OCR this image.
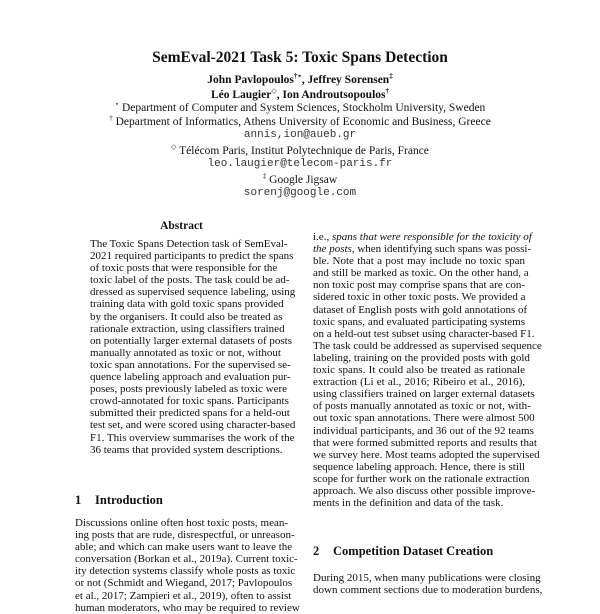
SemEval-2021 Task 5: Toxic Spans Detection
John Pavlopoulos†⋆, Jeffrey Sorensen‡
Léo Laugier◇, Ion Androutsopoulos†
⋆ Department of Computer and System Sciences, Stockholm University, Sweden
† Department of Informatics, Athens University of Economic and Business, Greece
annis,ion@aueb.gr
◇ Télécom Paris, Institut Polytechnique de Paris, France
leo.laugier@telecom-paris.fr
‡ Google Jigsaw
sorenj@google.com
Abstract
The Toxic Spans Detection task of SemEval-
2021 required participants to predict the spans
of toxic posts that were responsible for the
toxic label of the posts. The task could be ad-
dressed as supervised sequence labeling, using
training data with gold toxic spans provided
by the organisers. It could also be treated as
rationale extraction, using classifiers trained
on potentially larger external datasets of posts
manually annotated as toxic or not, without
toxic span annotations. For the supervised se-
quence labeling approach and evaluation pur-
poses, posts previously labeled as toxic were
crowd-annotated for toxic spans. Participants
submitted their predicted spans for a held-out
test set, and were scored using character-based
F1. This overview summarises the work of the
36 teams that provided system descriptions.
1 Introduction
Discussions online often host toxic posts, mean-
ing posts that are rude, disrespectful, or unreason-
able; and which can make users want to leave the
conversation (Borkan et al., 2019a). Current toxic-
ity detection systems classify whole posts as toxic
or not (Schmidt and Wiegand, 2017; Pavlopoulos
et al., 2017; Zampieri et al., 2019), often to assist
human moderators, who may be required to review
i.e., spans that were responsible for the toxicity of
the posts, when identifying such spans was possi-
ble. Note that a post may include no toxic span
and still be marked as toxic. On the other hand, a
non toxic post may comprise spans that are con-
sidered toxic in other toxic posts. We provided a
dataset of English posts with gold annotations of
toxic spans, and evaluated participating systems
on a held-out test subset using character-based F1.
The task could be addressed as supervised sequence
labeling, training on the provided posts with gold
toxic spans. It could also be treated as rationale
extraction (Li et al., 2016; Ribeiro et al., 2016),
using classifiers trained on larger external datasets
of posts manually annotated as toxic or not, with-
out toxic span annotations. There were almost 500
individual participants, and 36 out of the 92 teams
that were formed submitted reports and results that
we survey here. Most teams adopted the supervised
sequence labeling approach. Hence, there is still
scope for further work on the rationale extraction
approach. We also discuss other possible improve-
ments in the definition and data of the task.
2 Competition Dataset Creation
During 2015, when many publications were closing
down comment sections due to moderation burdens,
